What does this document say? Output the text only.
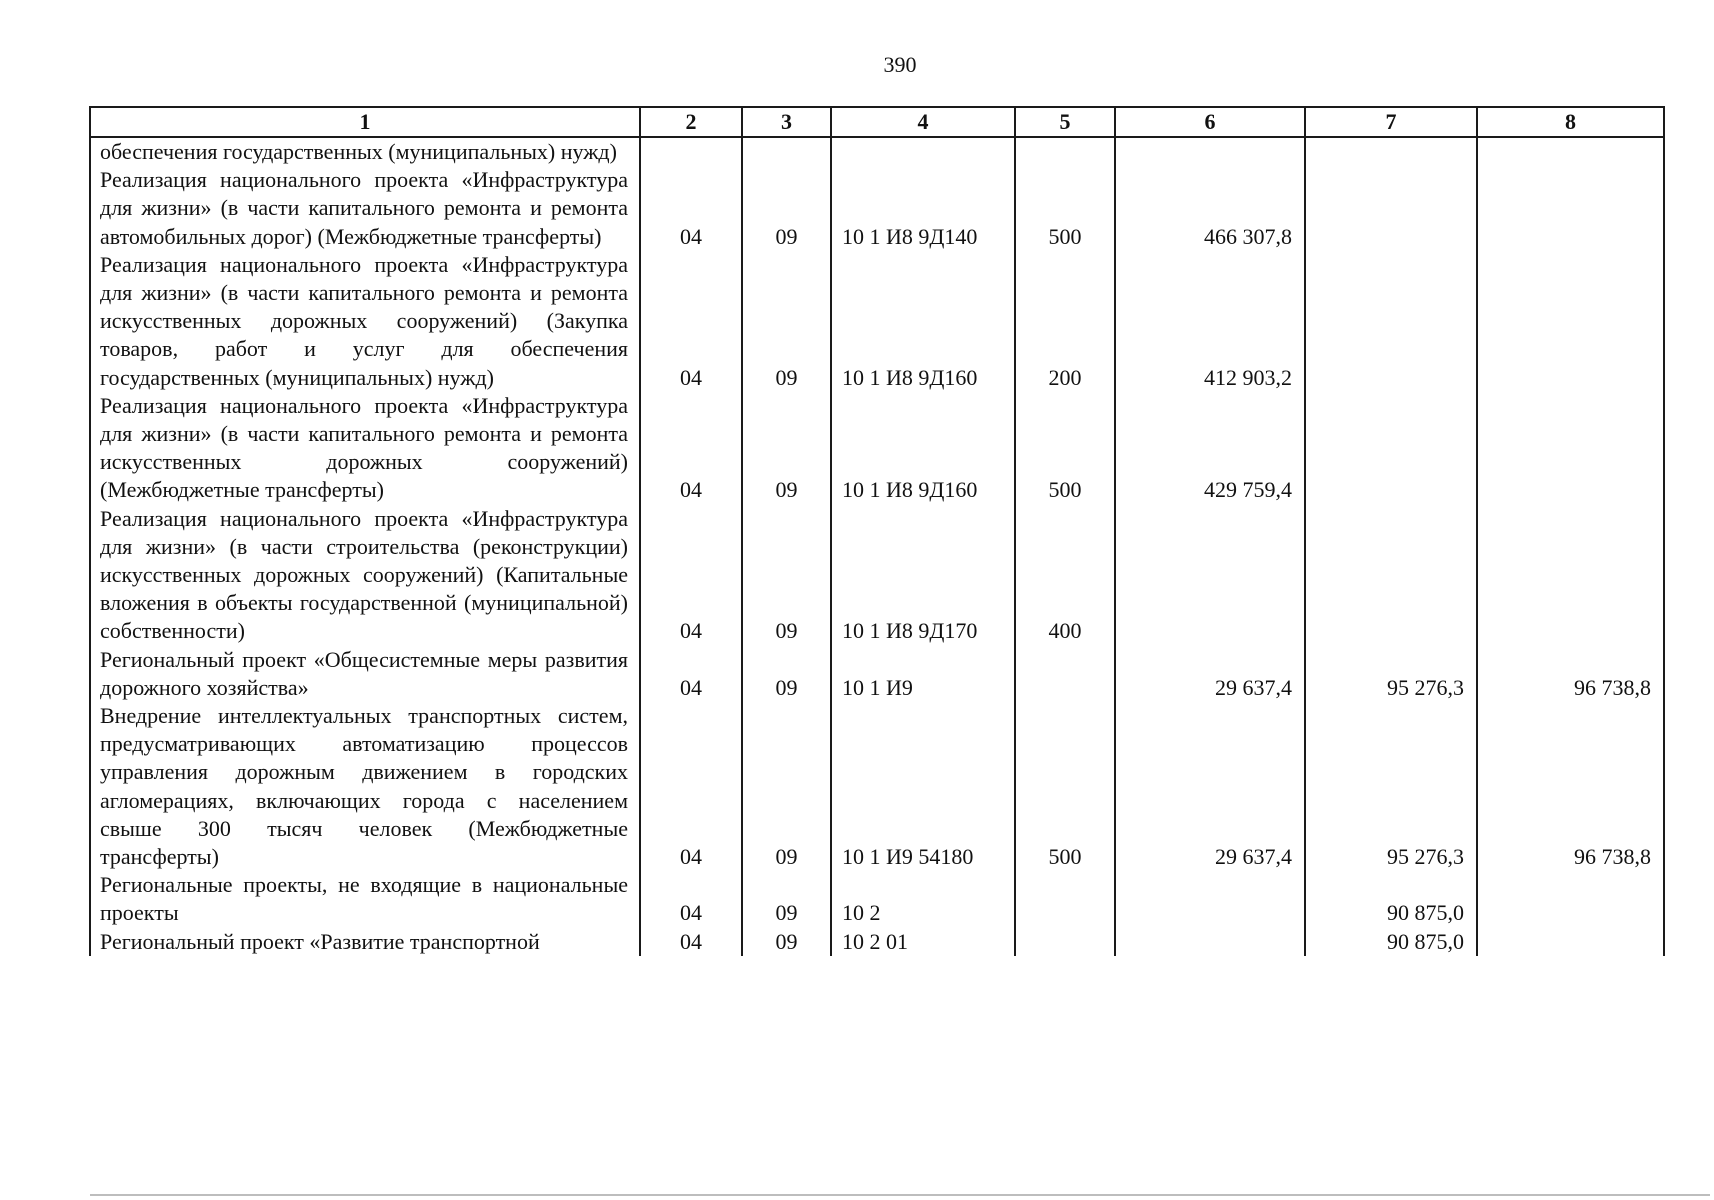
390
1	2	3	4	5	6	7	8
обеспечения государственных (муниципальных) нужд)							
Реализация национального проекта «Инфраструктура для жизни» (в части капитального ремонта и ремонта автомобильных дорог) (Межбюджетные трансферты)	04	09	10 1 И8 9Д140	500	466 307,8		
Реализация национального проекта «Инфраструктура для жизни» (в части капитального ремонта и ремонта искусственных дорожных сооружений) (Закупка товаров, работ и услуг для обеспечения государственных (муниципальных) нужд)	04	09	10 1 И8 9Д160	200	412 903,2		
Реализация национального проекта «Инфраструктура для жизни» (в части капитального ремонта и ремонта искусственных дорожных сооружений) (Межбюджетные трансферты)	04	09	10 1 И8 9Д160	500	429 759,4		
Реализация национального проекта «Инфраструктура для жизни» (в части строительства (реконструкции) искусственных дорожных сооружений) (Капитальные вложения в объекты государственной (муниципальной) собственности)	04	09	10 1 И8 9Д170	400			
Региональный проект «Общесистемные меры развития дорожного хозяйства»	04	09	10 1 И9		29 637,4	95 276,3	96 738,8
Внедрение интеллектуальных транспортных систем, предусматривающих автоматизацию процессов управления дорожным движением в городских агломерациях, включающих города с населением свыше 300 тысяч человек (Межбюджетные трансферты)	04	09	10 1 И9 54180	500	29 637,4	95 276,3	96 738,8
Региональные проекты, не входящие в национальные проекты	04	09	10 2			90 875,0	
Региональный проект «Развитие транспортной	04	09	10 2 01			90 875,0	
